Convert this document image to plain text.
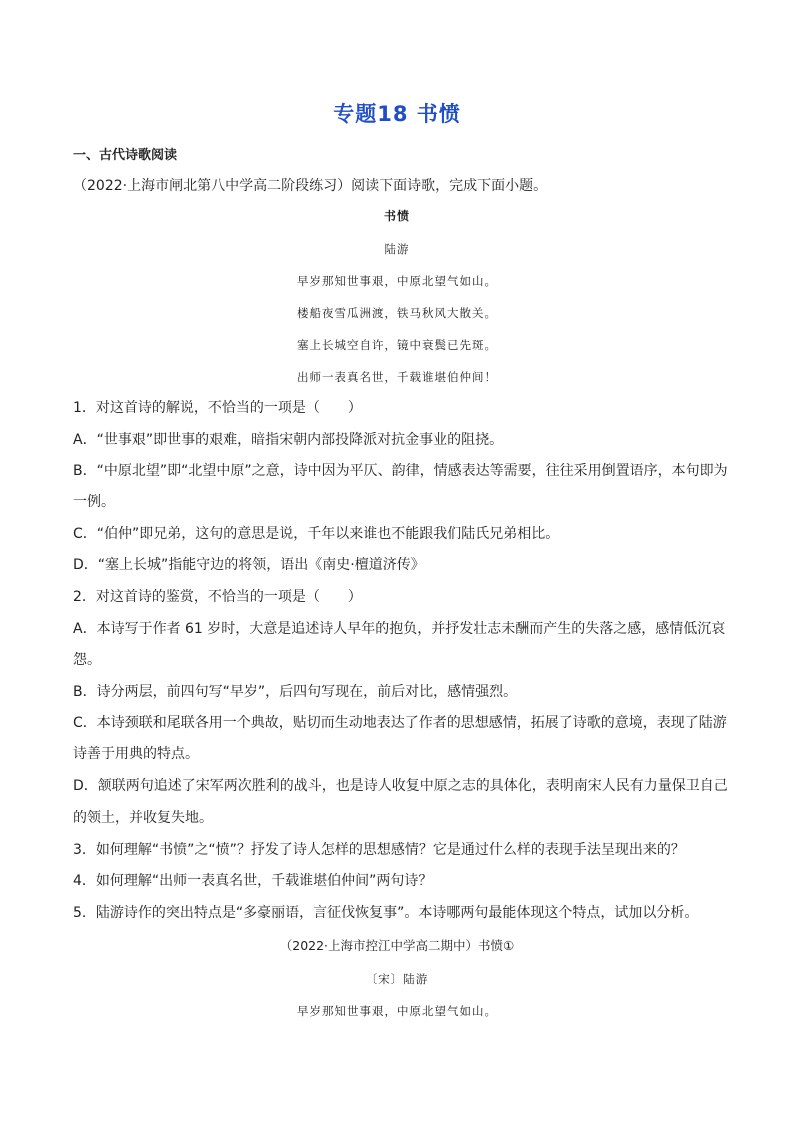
专题18 书愤
一、古代诗歌阅读
（2022·上海市闸北第八中学高二阶段练习）阅读下面诗歌，完成下面小题。
书愤
陆游
早岁那知世事艰，中原北望气如山。
楼船夜雪瓜洲渡，铁马秋风大散关。
塞上长城空自许，镜中衰鬓已先斑。
出师一表真名世，千载谁堪伯仲间！
1．对这首诗的解说，不恰当的一项是（　　）
A．“世事艰”即世事的艰难，暗指宋朝内部投降派对抗金事业的阻挠。
B．“中原北望”即“北望中原”之意，诗中因为平仄、韵律，情感表达等需要，往往采用倒置语序，本句即为
一例。
C．“伯仲”即兄弟，这句的意思是说，千年以来谁也不能跟我们陆氏兄弟相比。
D．“塞上长城”指能守边的将领，语出《南史·檀道济传》
2．对这首诗的鉴赏，不恰当的一项是（　　）
A．本诗写于作者 61 岁时，大意是追述诗人早年的抱负，并抒发壮志未酬而产生的失落之感，感情低沉哀
怨。
B．诗分两层，前四句写“早岁”，后四句写现在，前后对比，感情强烈。
C．本诗颈联和尾联各用一个典故，贴切而生动地表达了作者的思想感情，拓展了诗歌的意境，表现了陆游
诗善于用典的特点。
D．颔联两句追述了宋军两次胜利的战斗，也是诗人收复中原之志的具体化，表明南宋人民有力量保卫自己
的领土，并收复失地。
3．如何理解“书愤”之“愤”？抒发了诗人怎样的思想感情？它是通过什么样的表现手法呈现出来的？
4．如何理解“出师一表真名世，千载谁堪伯仲间”两句诗？
5．陆游诗作的突出特点是“多豪丽语，言征伐恢复事”。本诗哪两句最能体现这个特点，试加以分析。
（2022·上海市控江中学高二期中）书愤①
〔宋〕陆游
早岁那知世事艰，中原北望气如山。
